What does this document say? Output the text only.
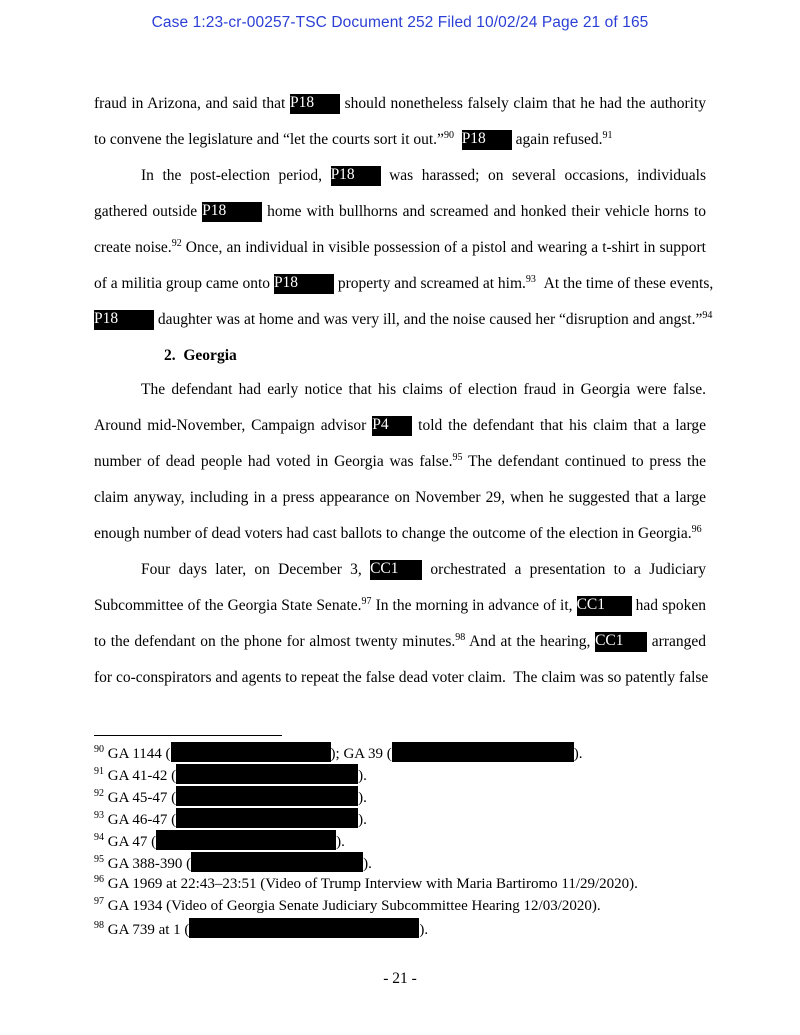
Case 1:23-cr-00257-TSC Document 252 Filed 10/02/24 Page 21 of 165
fraud in Arizona, and said that P18 should nonetheless falsely claim that he had the authority
to convene the legislature and “let the courts sort it out.”$^{90}$ P18 again refused.$^{91}$
In the post-election period, P18 was harassed; on several occasions, individuals
gathered outside P18	home with bullhorns and screamed and honked their vehicle horns to
create noise.$^{92}$ Once, an individual in visible possession of a pistol and wearing a t-shirt in support
of a militia group came onto P18	property and screamed at him.$^{93}$ At the time of these events,
P18	daughter was at home and was very ill, and the noise caused her “disruption and angst.”$^{94}$
2.  Georgia
The defendant had early notice that his claims of election fraud in Georgia were false.
Around mid-November, Campaign advisor P4 told the defendant that his claim that a large
number of dead people had voted in Georgia was false.$^{95}$ The defendant continued to press the
claim anyway, including in a press appearance on November 29, when he suggested that a large
enough number of dead voters had cast ballots to change the outcome of the election in Georgia.$^{96}$
Four days later, on December 3, CC1 orchestrated a presentation to a Judiciary
Subcommittee of the Georgia State Senate.$^{97}$ In the morning in advance of it, CC1 had spoken
to the defendant on the phone for almost twenty minutes.$^{98}$ And at the hearing, CC1 arranged
for co-conspirators and agents to repeat the false dead voter claim.  The claim was so patently false
$^{90}$ GA 1144 (	); GA 39 (	).
$^{91}$ GA 41-42 (	).
$^{92}$ GA 45-47 (	).
$^{93}$ GA 46-47 (	).
$^{94}$ GA 47 (	).
$^{95}$ GA 388-390 (	).
$^{96}$ GA 1969 at 22:43–23:51 (Video of Trump Interview with Maria Bartiromo 11/29/2020).
$^{97}$ GA 1934 (Video of Georgia Senate Judiciary Subcommittee Hearing 12/03/2020).
$^{98}$ GA 739 at 1 (	).
- 21 -
